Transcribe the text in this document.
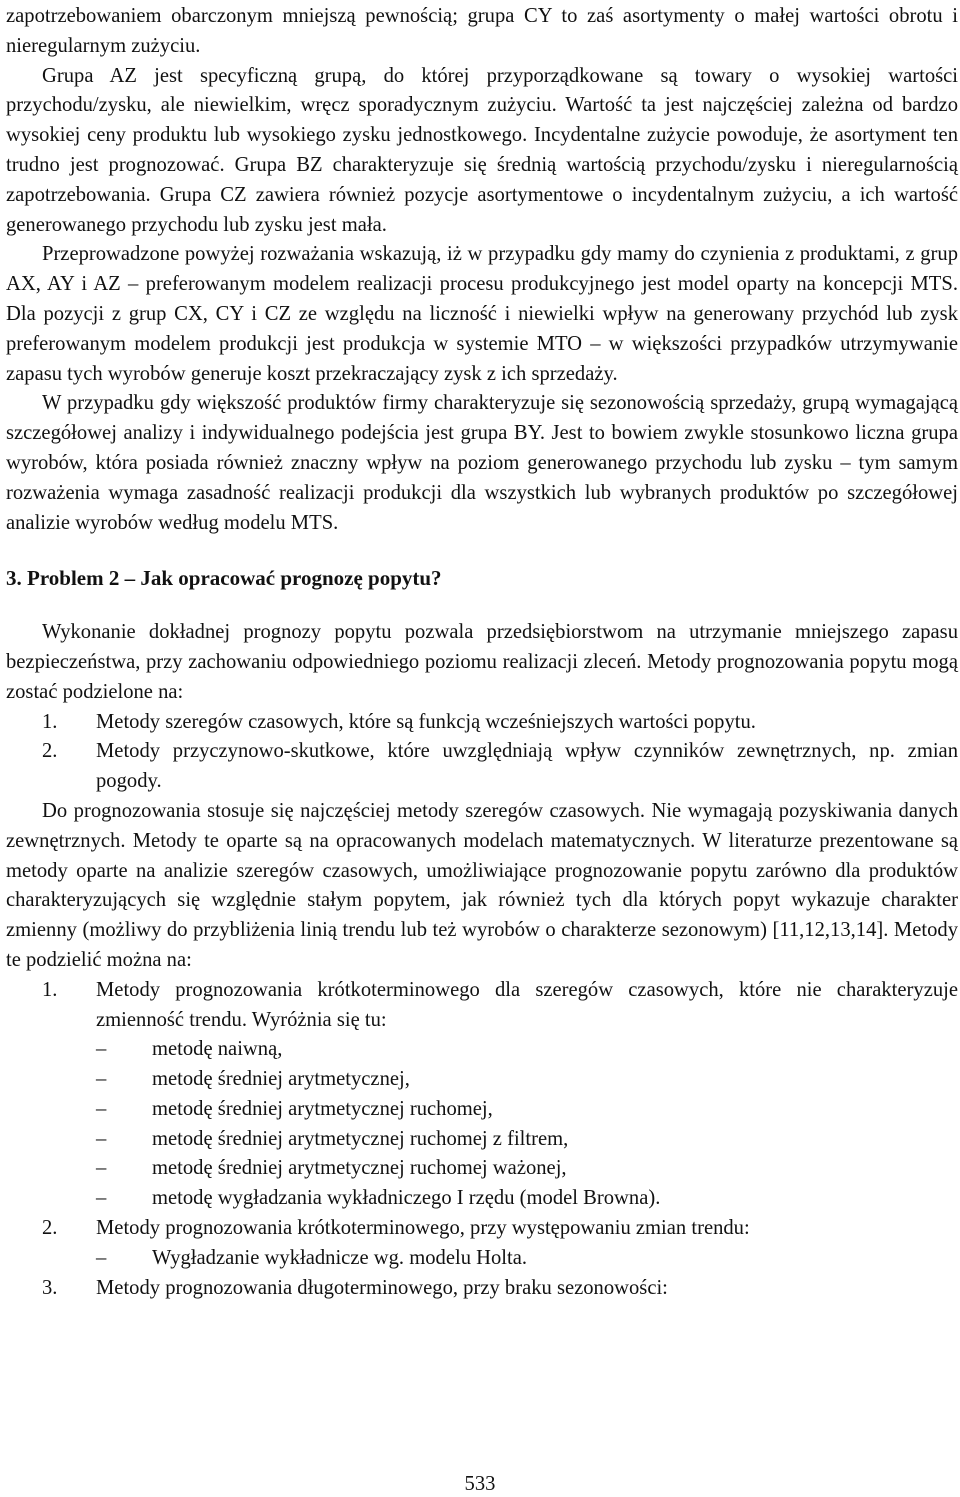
zapotrzebowaniem obarczonym mniejszą pewnością; grupa CY to zaś asortymenty o małej wartości obrotu i nieregularnym zużyciu.

Grupa AZ jest specyficzną grupą, do której przyporządkowane są towary o wysokiej wartości przychodu/zysku, ale niewielkim, wręcz sporadycznym zużyciu. Wartość ta jest najczęściej zależna od bardzo wysokiej ceny produktu lub wysokiego zysku jednostkowego. Incydentalne zużycie powoduje, że asortyment ten trudno jest prognozować. Grupa BZ charakteryzuje się średnią wartością przychodu/zysku i nieregularnością zapotrzebowania. Grupa CZ zawiera również pozycje asortymentowe o incydentalnym zużyciu, a ich wartość generowanego przychodu lub zysku jest mała.

Przeprowadzone powyżej rozważania wskazują, iż w przypadku gdy mamy do czynienia z produktami, z grup AX, AY i AZ – preferowanym modelem realizacji procesu produkcyjnego jest model oparty na koncepcji MTS. Dla pozycji z grup CX, CY i CZ ze względu na liczność i niewielki wpływ na generowany przychód lub zysk preferowanym modelem produkcji jest produkcja w systemie MTO – w większości przypadków utrzymywanie zapasu tych wyrobów generuje koszt przekraczający zysk z ich sprzedaży.

W przypadku gdy większość produktów firmy charakteryzuje się sezonowością sprzedaży, grupą wymagającą szczegółowej analizy i indywidualnego podejścia jest grupa BY. Jest to bowiem zwykle stosunkowo liczna grupa wyrobów, która posiada również znaczny wpływ na poziom generowanego przychodu lub zysku – tym samym rozważenia wymaga zasadność realizacji produkcji dla wszystkich lub wybranych produktów po szczegółowej analizie wyrobów według modelu MTS.

3. Problem 2 – Jak opracować prognozę popytu?

Wykonanie dokładnej prognozy popytu pozwala przedsiębiorstwom na utrzymanie mniejszego zapasu bezpieczeństwa, przy zachowaniu odpowiedniego poziomu realizacji zleceń. Metody prognozowania popytu mogą zostać podzielone na:

1. Metody szeregów czasowych, które są funkcją wcześniejszych wartości popytu.
2. Metody przyczynowo-skutkowe, które uwzględniają wpływ czynników zewnętrznych, np. zmian pogody.

Do prognozowania stosuje się najczęściej metody szeregów czasowych. Nie wymagają pozyskiwania danych zewnętrznych. Metody te oparte są na opracowanych modelach matematycznych. W literaturze prezentowane są metody oparte na analizie szeregów czasowych, umożliwiające prognozowanie popytu zarówno dla produktów charakteryzujących się względnie stałym popytem, jak również tych dla których popyt wykazuje charakter zmienny (możliwy do przybliżenia linią trendu lub też wyrobów o charakterze sezonowym) [11,12,13,14]. Metody te podzielić można na:

1. Metody prognozowania krótkoterminowego dla szeregów czasowych, które nie charakteryzuje zmienność trendu. Wyróżnia się tu:
– metodę naiwną,
– metodę średniej arytmetycznej,
– metodę średniej arytmetycznej ruchomej,
– metodę średniej arytmetycznej ruchomej z filtrem,
– metodę średniej arytmetycznej ruchomej ważonej,
– metodę wygładzania wykładniczego I rzędu (model Browna).
2. Metody prognozowania krótkoterminowego, przy występowaniu zmian trendu:
– Wygładzanie wykładnicze wg. modelu Holta.
3. Metody prognozowania długoterminowego, przy braku sezonowości:
533
